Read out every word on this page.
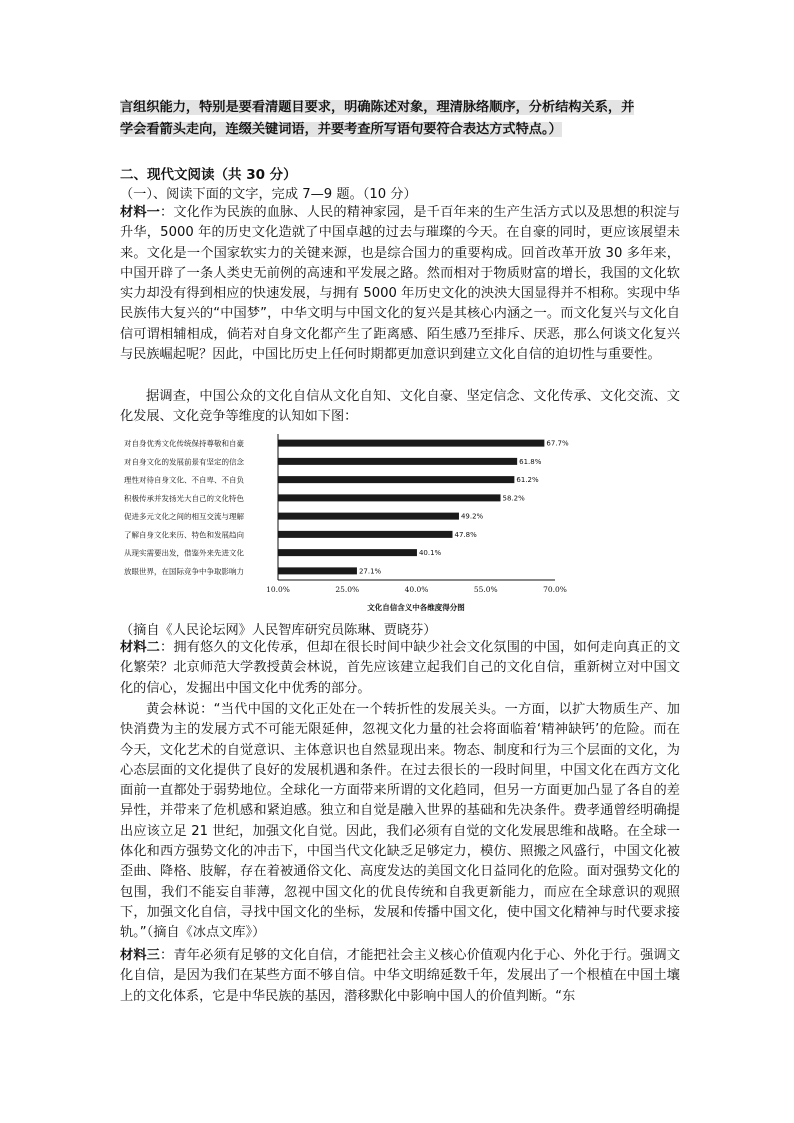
言组织能力，特别是要看清题目要求，明确陈述对象，理清脉络顺序，分析结构关系，并
学会看箭头走向，连缀关键词语，并要考查所写语句要符合表达方式特点。）
二、现代文阅读（共 30 分）
（一）、阅读下面的文字，完成 7—9 题。（10 分）
材料一：文化作为民族的血脉、人民的精神家园，是千百年来的生产生活方式以及思想的积淀与升华，5000 年的历史文化造就了中国卓越的过去与璀璨的今天。在自豪的同时，更应该展望未来。文化是一个国家软实力的关键来源，也是综合国力的重要构成。回首改革开放 30 多年来，中国开辟了一条人类史无前例的高速和平发展之路。然而相对于物质财富的增长，我国的文化软实力却没有得到相应的快速发展，与拥有 5000 年历史文化的泱泱大国显得并不相称。实现中华民族伟大复兴的“中国梦”，中华文明与中国文化的复兴是其核心内涵之一。而文化复兴与文化自信可谓相辅相成，倘若对自身文化都产生了距离感、陌生感乃至排斥、厌恶，那么何谈文化复兴与民族崛起呢？因此，中国比历史上任何时期都更加意识到建立文化自信的迫切性与重要性。
据调查，中国公众的文化自信从文化自知、文化自豪、坚定信念、文化传承、文化交流、文化发展、文化竞争等维度的认知如下图：
对自身优秀文化传统保持尊敬和自豪	67.7%
对自身文化的发展前景有坚定的信念	61.8%
理性对待自身文化、不自卑、不自负	61.2%
积极传承并发扬光大自己的文化特色	58.2%
促进多元文化之间的相互交流与理解	49.2%
了解自身文化来历、特色和发展趋向	47.8%
从现实需要出发，借鉴外来先进文化	40.1%
放眼世界，在国际竞争中争取影响力	27.1%
10.0%	25.0%	40.0%	55.0%	70.0%
文化自信含义中各维度得分图
（摘自《人民论坛网》人民智库研究员陈琳、贾晓芬）
材料二：拥有悠久的文化传承，但却在很长时间中缺少社会文化氛围的中国，如何走向真正的文化繁荣？北京师范大学教授黄会林说，首先应该建立起我们自己的文化自信，重新树立对中国文化的信心，发掘出中国文化中优秀的部分。
黄会林说：“当代中国的文化正处在一个转折性的发展关头。一方面，以扩大物质生产、加快消费为主的发展方式不可能无限延伸，忽视文化力量的社会将面临着‘精神缺钙’的危险。而在今天，文化艺术的自觉意识、主体意识也自然显现出来。物态、制度和行为三个层面的文化，为心态层面的文化提供了良好的发展机遇和条件。在过去很长的一段时间里，中国文化在西方文化面前一直都处于弱势地位。全球化一方面带来所谓的文化趋同，但另一方面更加凸显了各自的差异性，并带来了危机感和紧迫感。独立和自觉是融入世界的基础和先决条件。费孝通曾经明确提出应该立足 21 世纪，加强文化自觉。因此，我们必须有自觉的文化发展思维和战略。在全球一体化和西方强势文化的冲击下，中国当代文化缺乏足够定力，模仿、照搬之风盛行，中国文化被歪曲、降格、肢解，存在着被通俗文化、高度发达的美国文化日益同化的危险。面对强势文化的包围，我们不能妄自菲薄，忽视中国文化的优良传统和自我更新能力，而应在全球意识的观照下，加强文化自信，寻找中国文化的坐标，发展和传播中国文化，使中国文化精神与时代要求接轨。”（摘自《冰点文库》）
材料三：青年必须有足够的文化自信，才能把社会主义核心价值观内化于心、外化于行。强调文化自信，是因为我们在某些方面不够自信。中华文明绵延数千年，发展出了一个根植在中国土壤上的文化体系，它是中华民族的基因，潜移默化中影响中国人的价值判断。“东
